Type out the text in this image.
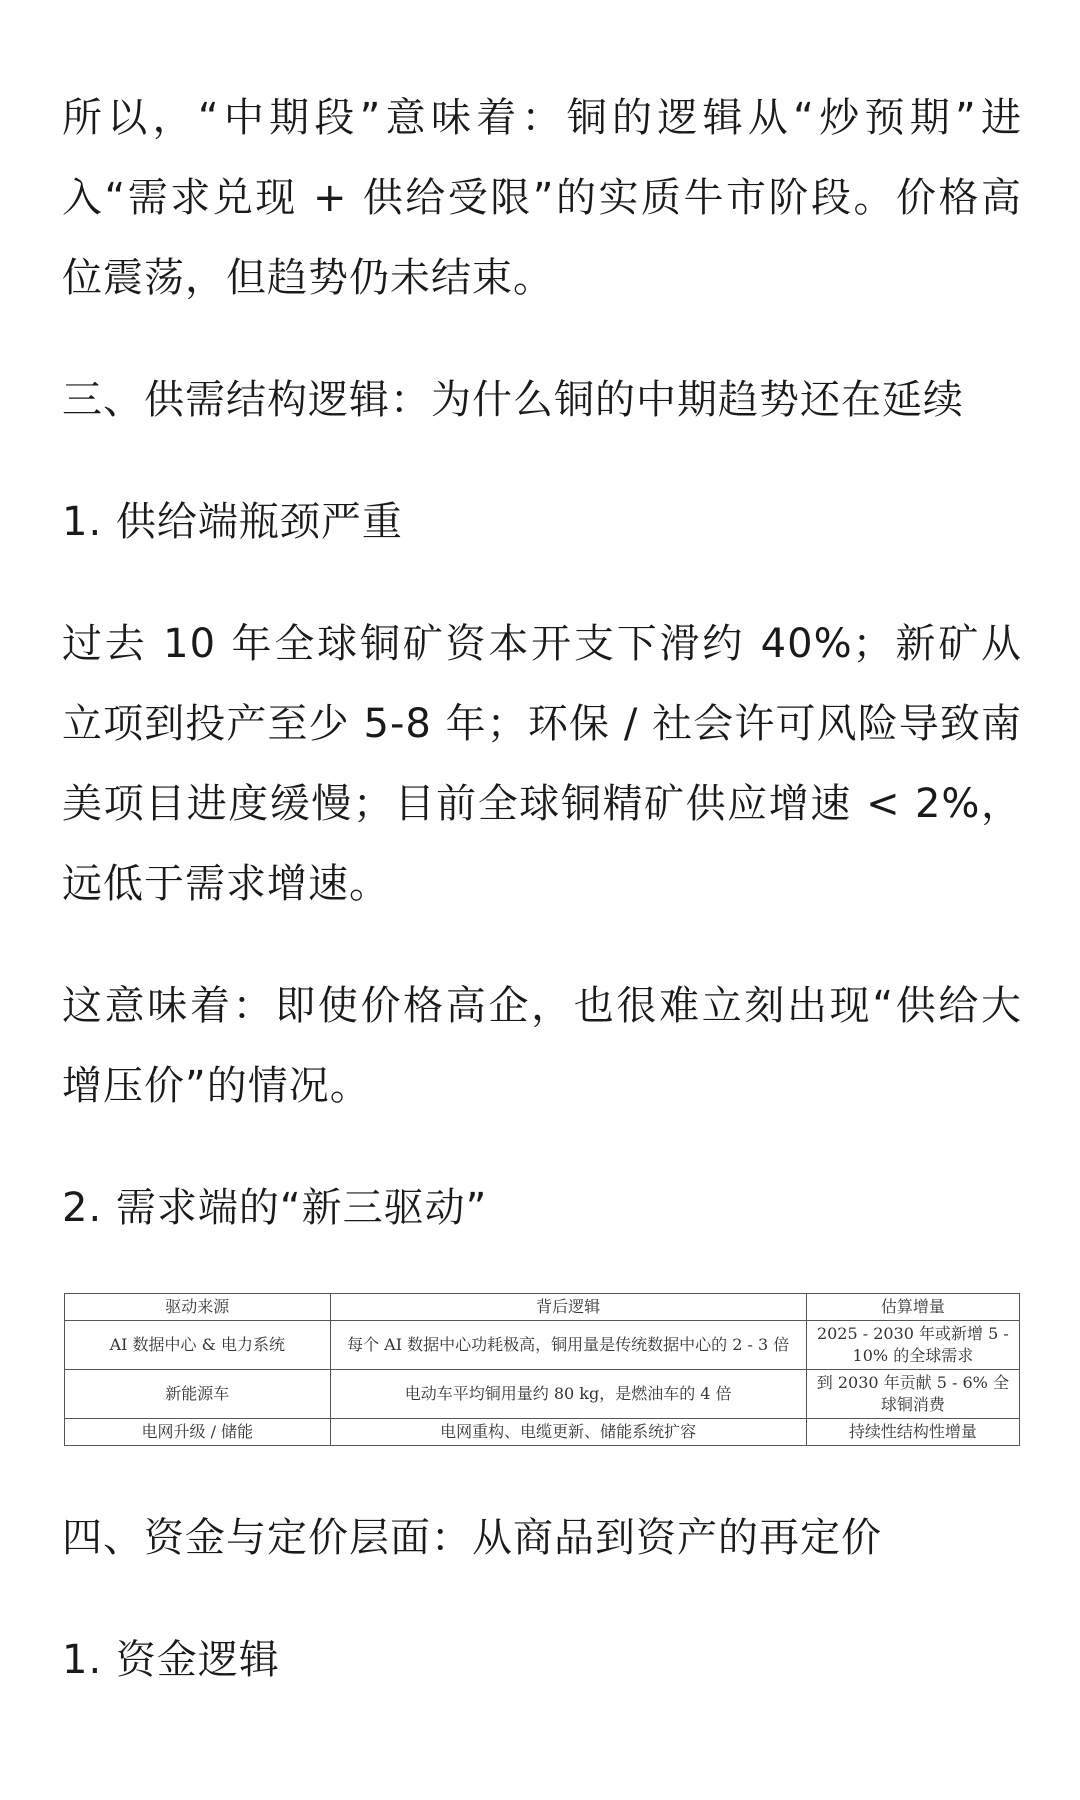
所以，“中期段”意味着：铜的逻辑从“炒预期”进入“需求兑现 + 供给受限”的实质牛市阶段。价格高位震荡，但趋势仍未结束。

三、供需结构逻辑：为什么铜的中期趋势还在延续

1. 供给端瓶颈严重

过去 10 年全球铜矿资本开支下滑约 40%；新矿从立项到投产至少 5-8 年；环保 / 社会许可风险导致南美项目进度缓慢；目前全球铜精矿供应增速 < 2%，远低于需求增速。

这意味着：即使价格高企，也很难立刻出现“供给大增压价”的情况。

2. 需求端的“新三驱动”

驱动来源	背后逻辑	估算增量
AI 数据中心 & 电力系统	每个 AI 数据中心功耗极高，铜用量是传统数据中心的 2 - 3 倍	2025 - 2030 年或新增 5 - 10% 的全球需求
新能源车	电动车平均铜用量约 80 kg，是燃油车的 4 倍	到 2030 年贡献 5 - 6% 全球铜消费
电网升级 / 储能	电网重构、电缆更新、储能系统扩容	持续性结构性增量

四、资金与定价层面：从商品到资产的再定价

1. 资金逻辑
